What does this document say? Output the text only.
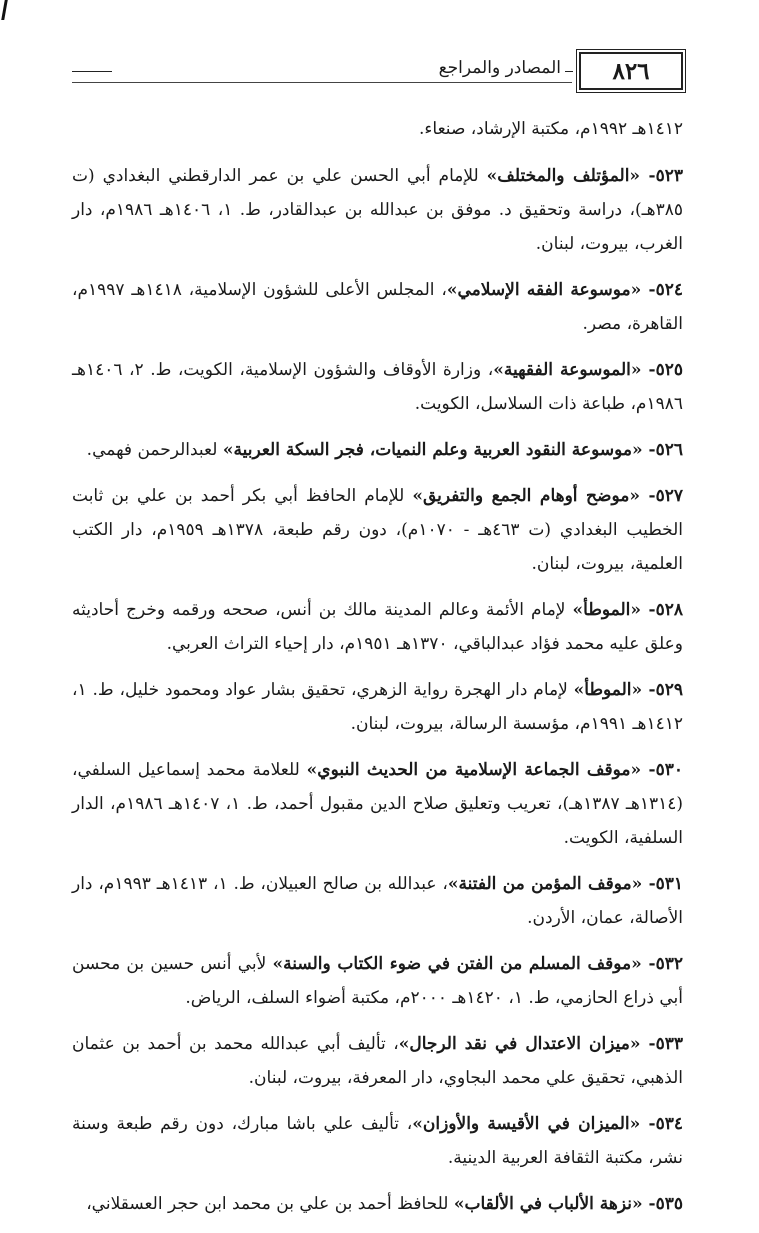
٨٢٦
المصادر والمراجع

١٤١٢هـ ١٩٩٢م، مكتبة الإرشاد، صنعاء.

٥٢٣- «المؤتلف والمختلف» للإمام أبي الحسن علي بن عمر الدارقطني البغدادي (ت ٣٨٥هـ)، دراسة وتحقيق د. موفق بن عبدالله بن عبدالقادر، ط. ١، ١٤٠٦هـ ١٩٨٦م، دار الغرب، بيروت، لبنان.

٥٢٤- «موسوعة الفقه الإسلامي»، المجلس الأعلى للشؤون الإسلامية، ١٤١٨هـ ١٩٩٧م، القاهرة، مصر.

٥٢٥- «الموسوعة الفقهية»، وزارة الأوقاف والشؤون الإسلامية، الكويت، ط. ٢، ١٤٠٦هـ ١٩٨٦م، طباعة ذات السلاسل، الكويت.

٥٢٦- «موسوعة النقود العربية وعلم النميات، فجر السكة العربية» لعبدالرحمن فهمي.

٥٢٧- «موضح أوهام الجمع والتفريق» للإمام الحافظ أبي بكر أحمد بن علي بن ثابت الخطيب البغدادي (ت ٤٦٣هـ - ١٠٧٠م)، دون رقم طبعة، ١٣٧٨هـ ١٩٥٩م، دار الكتب العلمية، بيروت، لبنان.

٥٢٨- «الموطأ» لإمام الأئمة وعالم المدينة مالك بن أنس، صححه ورقمه وخرج أحاديثه وعلق عليه محمد فؤاد عبدالباقي، ١٣٧٠هـ ١٩٥١م، دار إحياء التراث العربي.

٥٢٩- «الموطأ» لإمام دار الهجرة رواية الزهري، تحقيق بشار عواد ومحمود خليل، ط. ١، ١٤١٢هـ ١٩٩١م، مؤسسة الرسالة، بيروت، لبنان.

٥٣٠- «موقف الجماعة الإسلامية من الحديث النبوي» للعلامة محمد إسماعيل السلفي، (١٣١٤هـ ١٣٨٧هـ)، تعريب وتعليق صلاح الدين مقبول أحمد، ط. ١، ١٤٠٧هـ ١٩٨٦م، الدار السلفية، الكويت.

٥٣١- «موقف المؤمن من الفتنة»، عبدالله بن صالح العبيلان، ط. ١، ١٤١٣هـ ١٩٩٣م، دار الأصالة، عمان، الأردن.

٥٣٢- «موقف المسلم من الفتن في ضوء الكتاب والسنة» لأبي أنس حسين بن محسن أبي ذراع الحازمي، ط. ١، ١٤٢٠هـ ٢٠٠٠م، مكتبة أضواء السلف، الرياض.

٥٣٣- «ميزان الاعتدال في نقد الرجال»، تأليف أبي عبدالله محمد بن أحمد بن عثمان الذهبي، تحقيق علي محمد البجاوي، دار المعرفة، بيروت، لبنان.

٥٣٤- «الميزان في الأقيسة والأوزان»، تأليف علي باشا مبارك، دون رقم طبعة وسنة نشر، مكتبة الثقافة العربية الدينية.

٥٣٥- «نزهة الألباب في الألقاب» للحافظ أحمد بن علي بن محمد ابن حجر العسقلاني،
